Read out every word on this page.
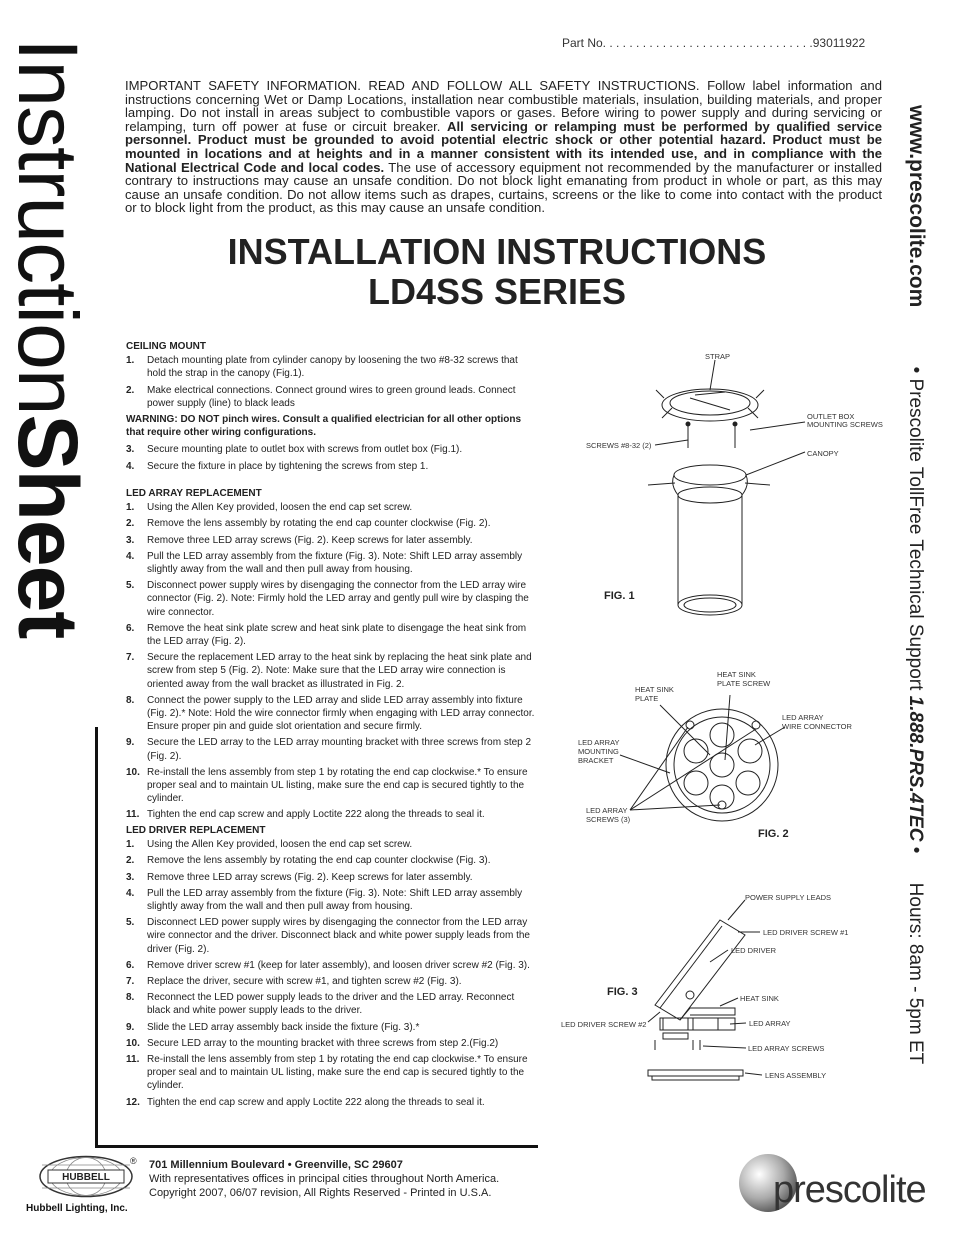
Part No. . . . . . . . . . . . . . . . . . . . . . . . . . . . . . . .93011922
InstructionSheet
www.prescolite.com • Prescolite TollFree Technical Support 1.888.PRS.4TEC • Hours: 8am - 5pm ET
IMPORTANT SAFETY INFORMATION. READ AND FOLLOW ALL SAFETY INSTRUCTIONS. Follow label information and instructions concerning Wet or Damp Locations, installation near combustible materials, insulation, building materials, and proper lamping. Do not install in areas subject to combustible vapors or gases. Before wiring to power supply and during servicing or relamping, turn off power at fuse or circuit breaker. All servicing or relamping must be performed by qualified service personnel. Product must be grounded to avoid potential electric shock or other potential hazard. Product must be mounted in locations and at heights and in a manner consistent with its intended use, and in compliance with the National Electrical Code and local codes. The use of accessory equipment not recommended by the manufacturer or installed contrary to instructions may cause an unsafe condition. Do not block light emanating from product in whole or part, as this may cause an unsafe condition. Do not allow items such as drapes, curtains, screens or the like to come into contact with the product or to block light from the product, as this may cause an unsafe condition.
INSTALLATION INSTRUCTIONS
LD4SS SERIES
CEILING MOUNT
1. Detach mounting plate from cylinder canopy by loosening the two #8-32 screws that hold the strap in the canopy (Fig.1).
2. Make electrical connections. Connect ground wires to green ground leads. Connect power supply (line) to black leads
WARNING: DO NOT pinch wires. Consult a qualified electrician for all other options that require other wiring configurations.
3. Secure mounting plate to outlet box with screws from outlet box (Fig.1).
4. Secure the fixture in place by tightening the screws from step 1.
LED ARRAY REPLACEMENT
1. Using the Allen Key provided, loosen the end cap set screw.
2. Remove the lens assembly by rotating the end cap counter clockwise (Fig. 2).
3. Remove three LED array screws (Fig. 2). Keep screws for later assembly.
4. Pull the LED array assembly from the fixture (Fig. 3). Note: Shift LED array assembly slightly away from the wall and then pull away from housing.
5. Disconnect power supply wires by disengaging the connector from the LED array wire connector (Fig. 2). Note: Firmly hold the LED array and gently pull wire by clasping the wire connector.
6. Remove the heat sink plate screw and heat sink plate to disengage the heat sink from the LED array (Fig. 2).
7. Secure the replacement LED array to the heat sink by replacing the heat sink plate and screw from step 5 (Fig. 2). Note: Make sure that the LED array wire connection is oriented away from the wall bracket as illustrated in Fig. 2.
8. Connect the power supply to the LED array and slide LED array assembly into fixture (Fig. 2).* Note: Hold the wire connector firmly when engaging with LED array connector. Ensure proper pin and guide slot orientation and secure firmly.
9. Secure the LED array to the LED array mounting bracket with three screws from step 2 (Fig. 2).
10. Re-install the lens assembly from step 1 by rotating the end cap clockwise.* To ensure proper seal and to maintain UL listing, make sure the end cap is secured tightly to the cylinder.
11. Tighten the end cap screw and apply Loctite 222 along the threads to seal it.
LED DRIVER REPLACEMENT
1. Using the Allen Key provided, loosen the end cap set screw.
2. Remove the lens assembly by rotating the end cap counter clockwise (Fig. 3).
3. Remove three LED array screws (Fig. 2). Keep screws for later assembly.
4. Pull the LED array assembly from the fixture (Fig. 3). Note: Shift LED array assembly slightly away from the wall and then pull away from housing.
5. Disconnect LED power supply wires by disengaging the connector from the LED array wire connector and the driver. Disconnect black and white power supply leads from the driver (Fig. 2).
6. Remove driver screw #1 (keep for later assembly), and loosen driver screw #2 (Fig. 3).
7. Replace the driver, secure with screw #1, and tighten screw #2 (Fig. 3).
8. Reconnect the LED power supply leads to the driver and the LED array. Reconnect black and white power supply leads to the driver.
9. Slide the LED array assembly back inside the fixture (Fig. 3).*
10. Secure LED array to the mounting bracket with three screws from step 2.(Fig.2)
11. Re-install the lens assembly from step 1 by rotating the end cap clockwise.* To ensure proper seal and to maintain UL listing, make sure the end cap is secured tightly to the cylinder.
12. Tighten the end cap screw and apply Loctite 222 along the threads to seal it.
STRAP
OUTLET BOX
MOUNTING SCREWS
SCREWS #8-32 (2)
CANOPY
FIG. 1
HEAT SINK
PLATE SCREW
HEAT SINK
PLATE
LED ARRAY
WIRE CONNECTOR
LED ARRAY
MOUNTING
BRACKET
LED ARRAY
SCREWS (3)
FIG. 2
POWER SUPPLY LEADS
LED DRIVER SCREW #1
LED DRIVER
FIG. 3
HEAT SINK
LED DRIVER SCREW #2	LED ARRAY
LED ARRAY SCREWS
LENS ASSEMBLY
HUBBELL
®
Hubbell Lighting, Inc.
701 Millennium Boulevard • Greenville, SC 29607
With representatives offices in principal cities throughout North America.
Copyright 2007, 06/07 revision, All Rights Reserved - Printed in U.S.A.	prescolite
